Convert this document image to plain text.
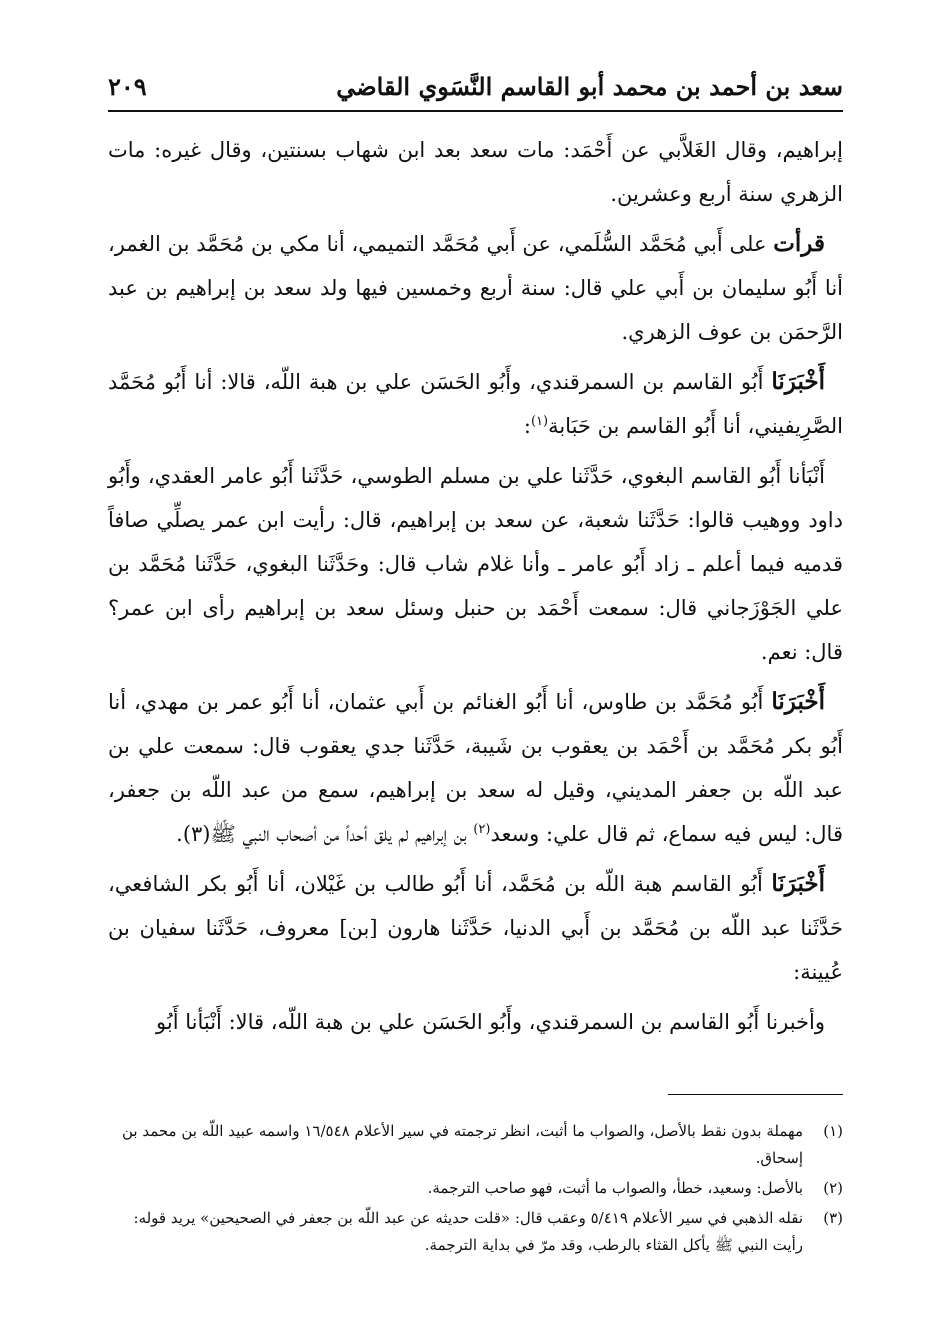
سعد بن أحمد بن محمد أبو القاسم النَّسَوي القاضي
٢٠٩

إبراهيم، وقال الغَلاَّبي عن أَحْمَد: مات سعد بعد ابن شهاب بسنتين، وقال غيره: مات الزهري سنة أربع وعشرين.

قرأت على أَبي مُحَمَّد السُّلَمي، عن أَبي مُحَمَّد التميمي، أنا مكي بن مُحَمَّد بن الغمر، أنا أَبُو سليمان بن أَبي علي قال: سنة أربع وخمسين فيها ولد سعد بن إبراهيم بن عبد الرَّحمَن بن عوف الزهري.

أَخْبَرَنَا أَبُو القاسم بن السمرقندي، وأَبُو الحَسَن علي بن هبة اللّه، قالا: أنا أَبُو مُحَمَّد الصَّرِيفيني، أنا أَبُو القاسم بن حَبَابة$^{(١)}$:

أَنْبَأنا أَبُو القاسم البغوي، حَدَّثَنا علي بن مسلم الطوسي، حَدَّثَنا أَبُو عامر العقدي، وأَبُو داود ووهيب قالوا: حَدَّثَنا شعبة، عن سعد بن إبراهيم، قال: رأيت ابن عمر يصلِّي صافاً قدميه فيما أعلم ـ زاد أَبُو عامر ـ وأنا غلام شاب قال: وحَدَّثَنا البغوي، حَدَّثَنا مُحَمَّد بن علي الجَوْزَجاني قال: سمعت أَحْمَد بن حنبل وسئل سعد بن إبراهيم رأى ابن عمر؟ قال: نعم.

أَخْبَرَنَا أَبُو مُحَمَّد بن طاوس، أنا أَبُو الغنائم بن أَبي عثمان، أنا أَبُو عمر بن مهدي، أنا أَبُو بكر مُحَمَّد بن أَحْمَد بن يعقوب بن شَيبة، حَدَّثَنا جدي يعقوب قال: سمعت علي بن عبد اللّه بن جعفر المديني، وقيل له سعد بن إبراهيم، سمع من عبد اللّه بن جعفر، قال: ليس فيه سماع، ثم قال علي: وسعد$^{(٢)}$ بن إبراهيم لم يلق أحداً من أصحاب النبي ﷺ(٣).

أَخْبَرَنَا أَبُو القاسم هبة اللّه بن مُحَمَّد، أنا أَبُو طالب بن غَيْلان، أنا أَبُو بكر الشافعي، حَدَّثَنا عبد اللّه بن مُحَمَّد بن أَبي الدنيا، حَدَّثَنا هارون [بن] معروف، حَدَّثَنا سفيان بن عُيينة:

وأخبرنا أَبُو القاسم بن السمرقندي، وأَبُو الحَسَن علي بن هبة اللّه، قالا: أَنْبَأنا أَبُو

(١)
مهملة بدون نقط بالأصل، والصواب ما أثبت، انظر ترجمته في سير الأعلام ١٦/٥٤٨ واسمه عبيد اللّه بن محمد بن إسحاق.
(٢)
بالأصل: وسعيد، خطأ، والصواب ما أثبت، فهو صاحب الترجمة.
(٣)
نقله الذهبي في سير الأعلام ٥/٤١٩ وعقب قال: «قلت حديثه عن عبد اللّه بن جعفر في الصحيحين» يريد قوله: رأيت النبي ﷺ يأكل القثاء بالرطب، وقد مرّ في بداية الترجمة.
